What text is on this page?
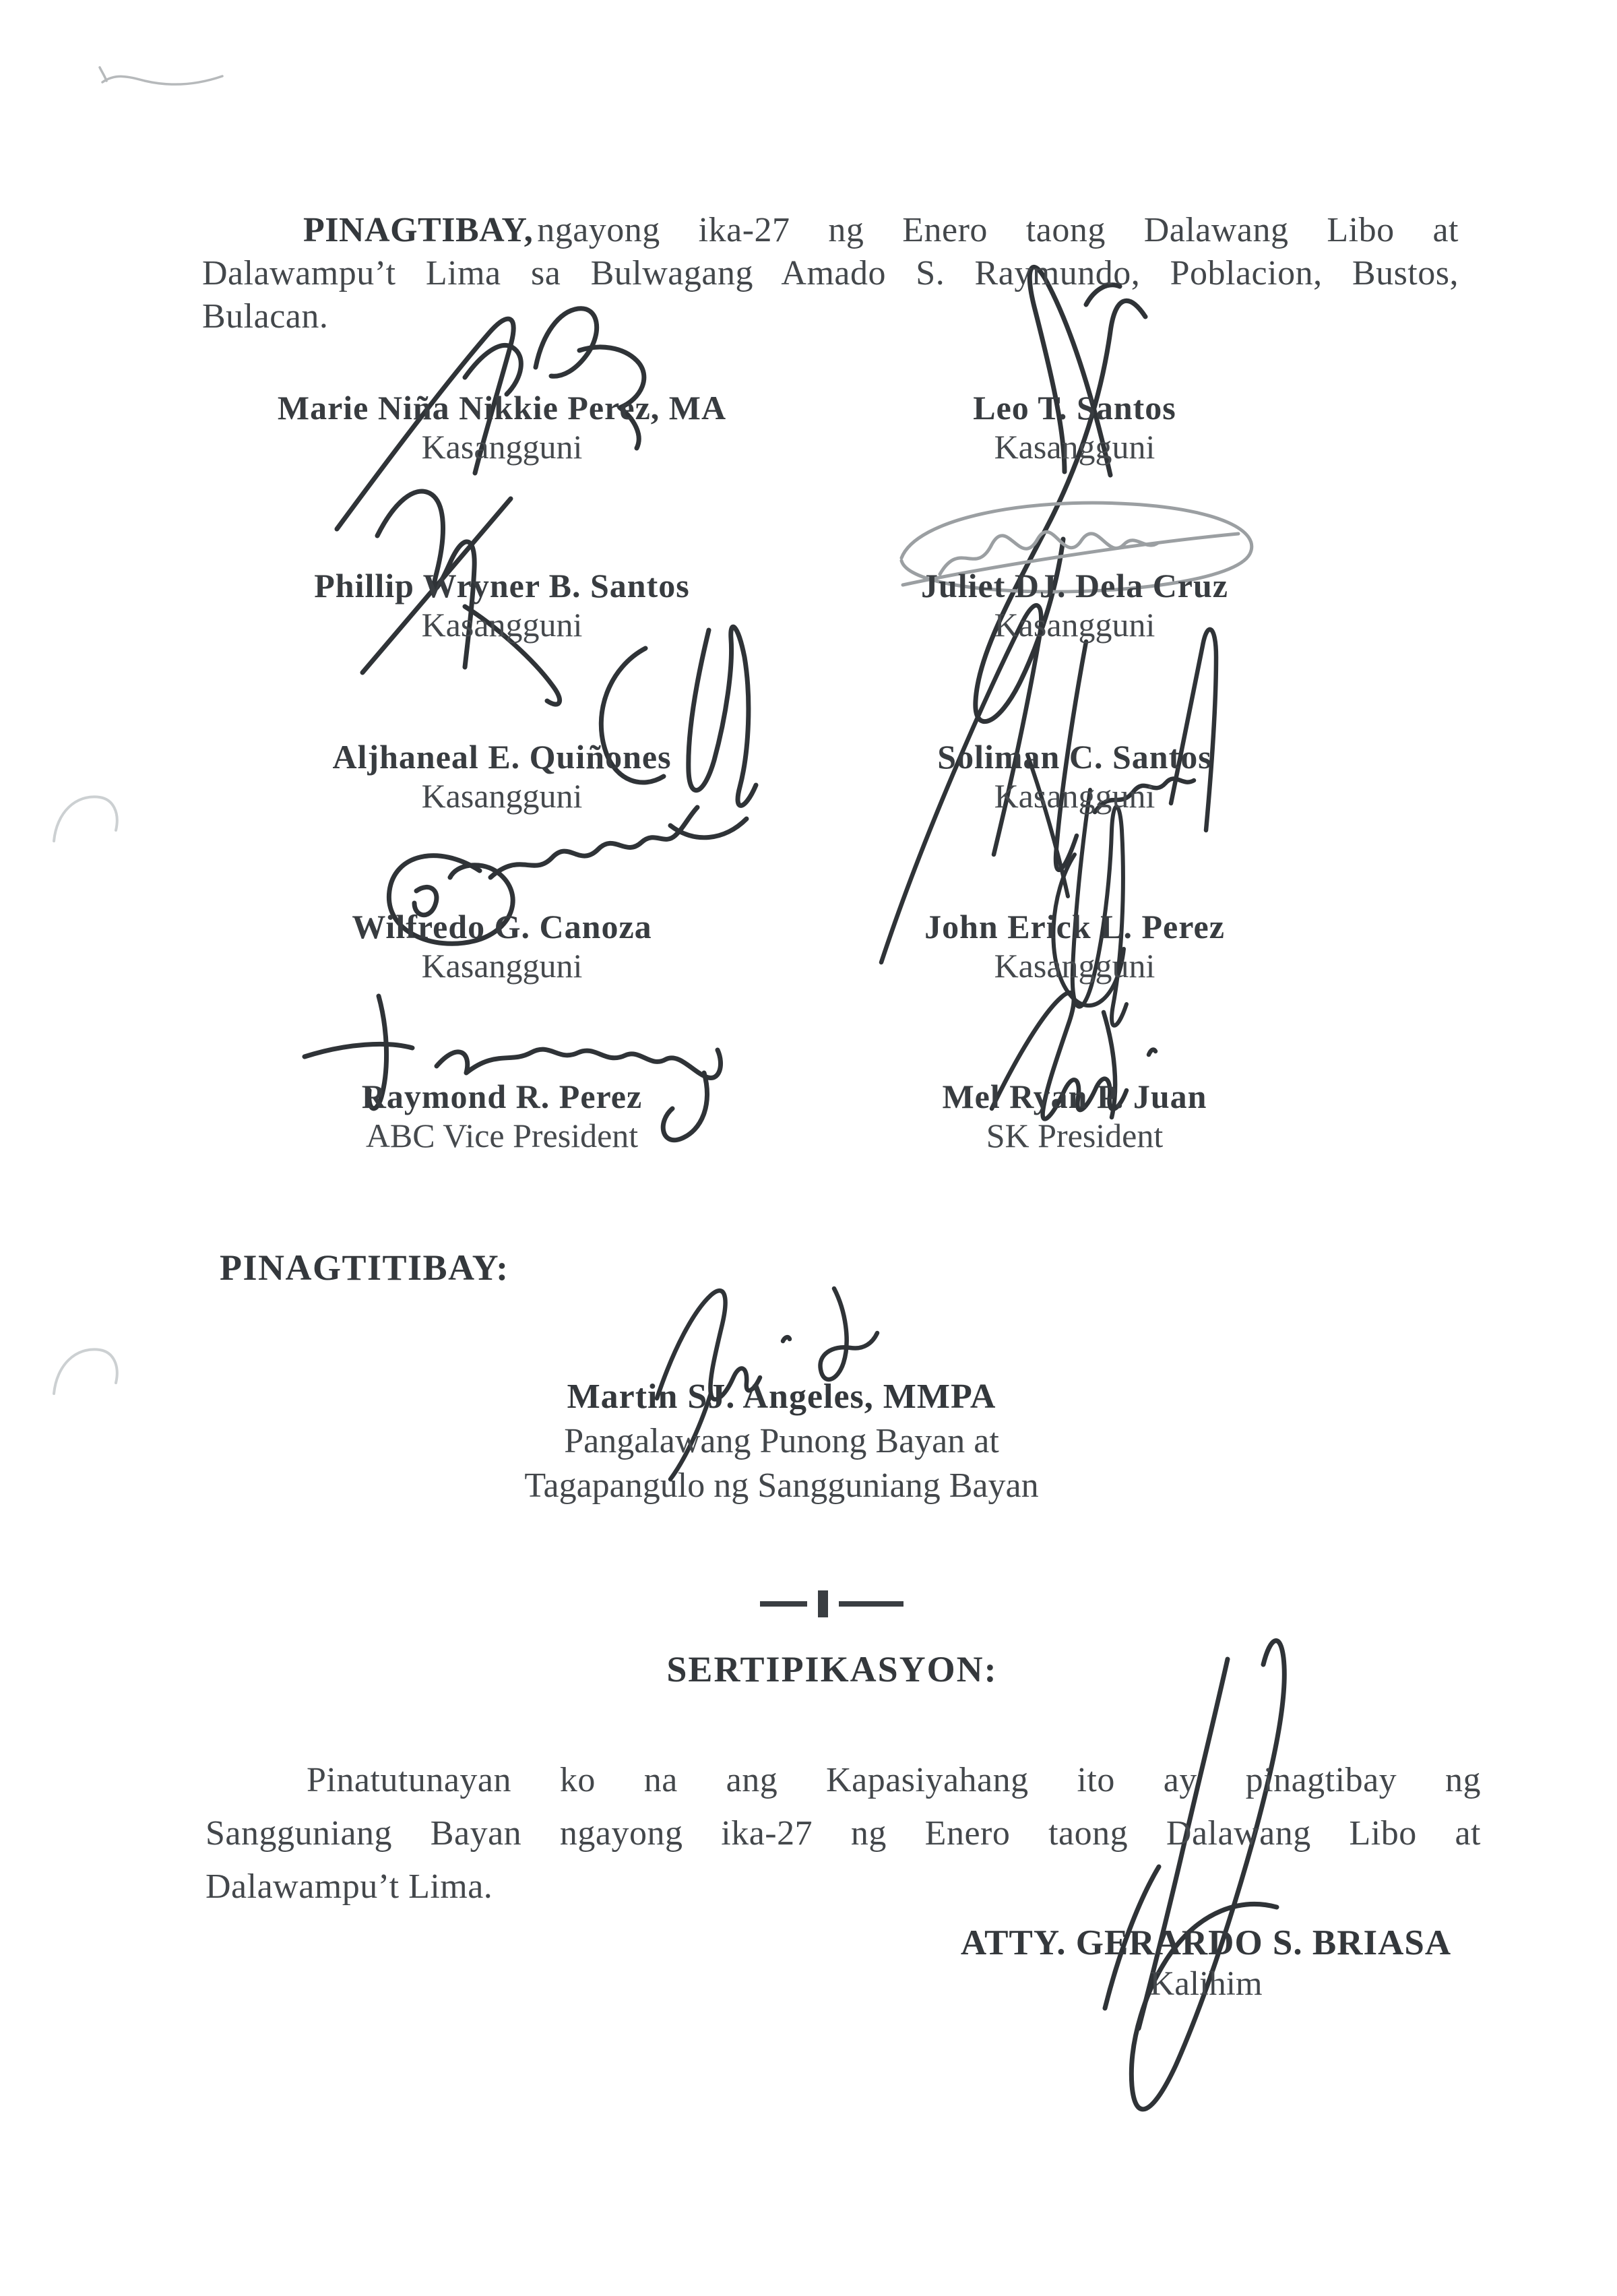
PINAGTIBAY, ngayong ika-27 ng Enero taong Dalawang Libo at
Dalawampu’t Lima sa Bulwagang Amado S. Raymundo, Poblacion, Bustos,
Bulacan.

Marie Niña Nikkie Perez, MA
Kasangguni
Phillip Wryner B. Santos
Kasangguni
Aljhaneal E. Quiñones
Kasangguni
Wilfredo G. Canoza
Kasangguni
Raymond R. Perez
ABC Vice President
Leo T. Santos
Kasangguni
Juliet DJ. Dela Cruz
Kasangguni
Soliman C. Santos
Kasangguni
John Erick L. Perez
Kasangguni
Mel Ryan P. Juan
SK President
PINAGTITIBAY:
Martin SJ. Angeles, MMPA
Pangalawang Punong Bayan at
Tagapangulo ng Sangguniang Bayan
SERTIPIKASYON:

Pinatutunayan ko na ang Kapasiyahang ito ay pinagtibay ng
Sangguniang Bayan ngayong ika-27 ng Enero taong Dalawang Libo at
Dalawampu’t Lima.

ATTY. GERARDO S. BRIASA
Kalihim
